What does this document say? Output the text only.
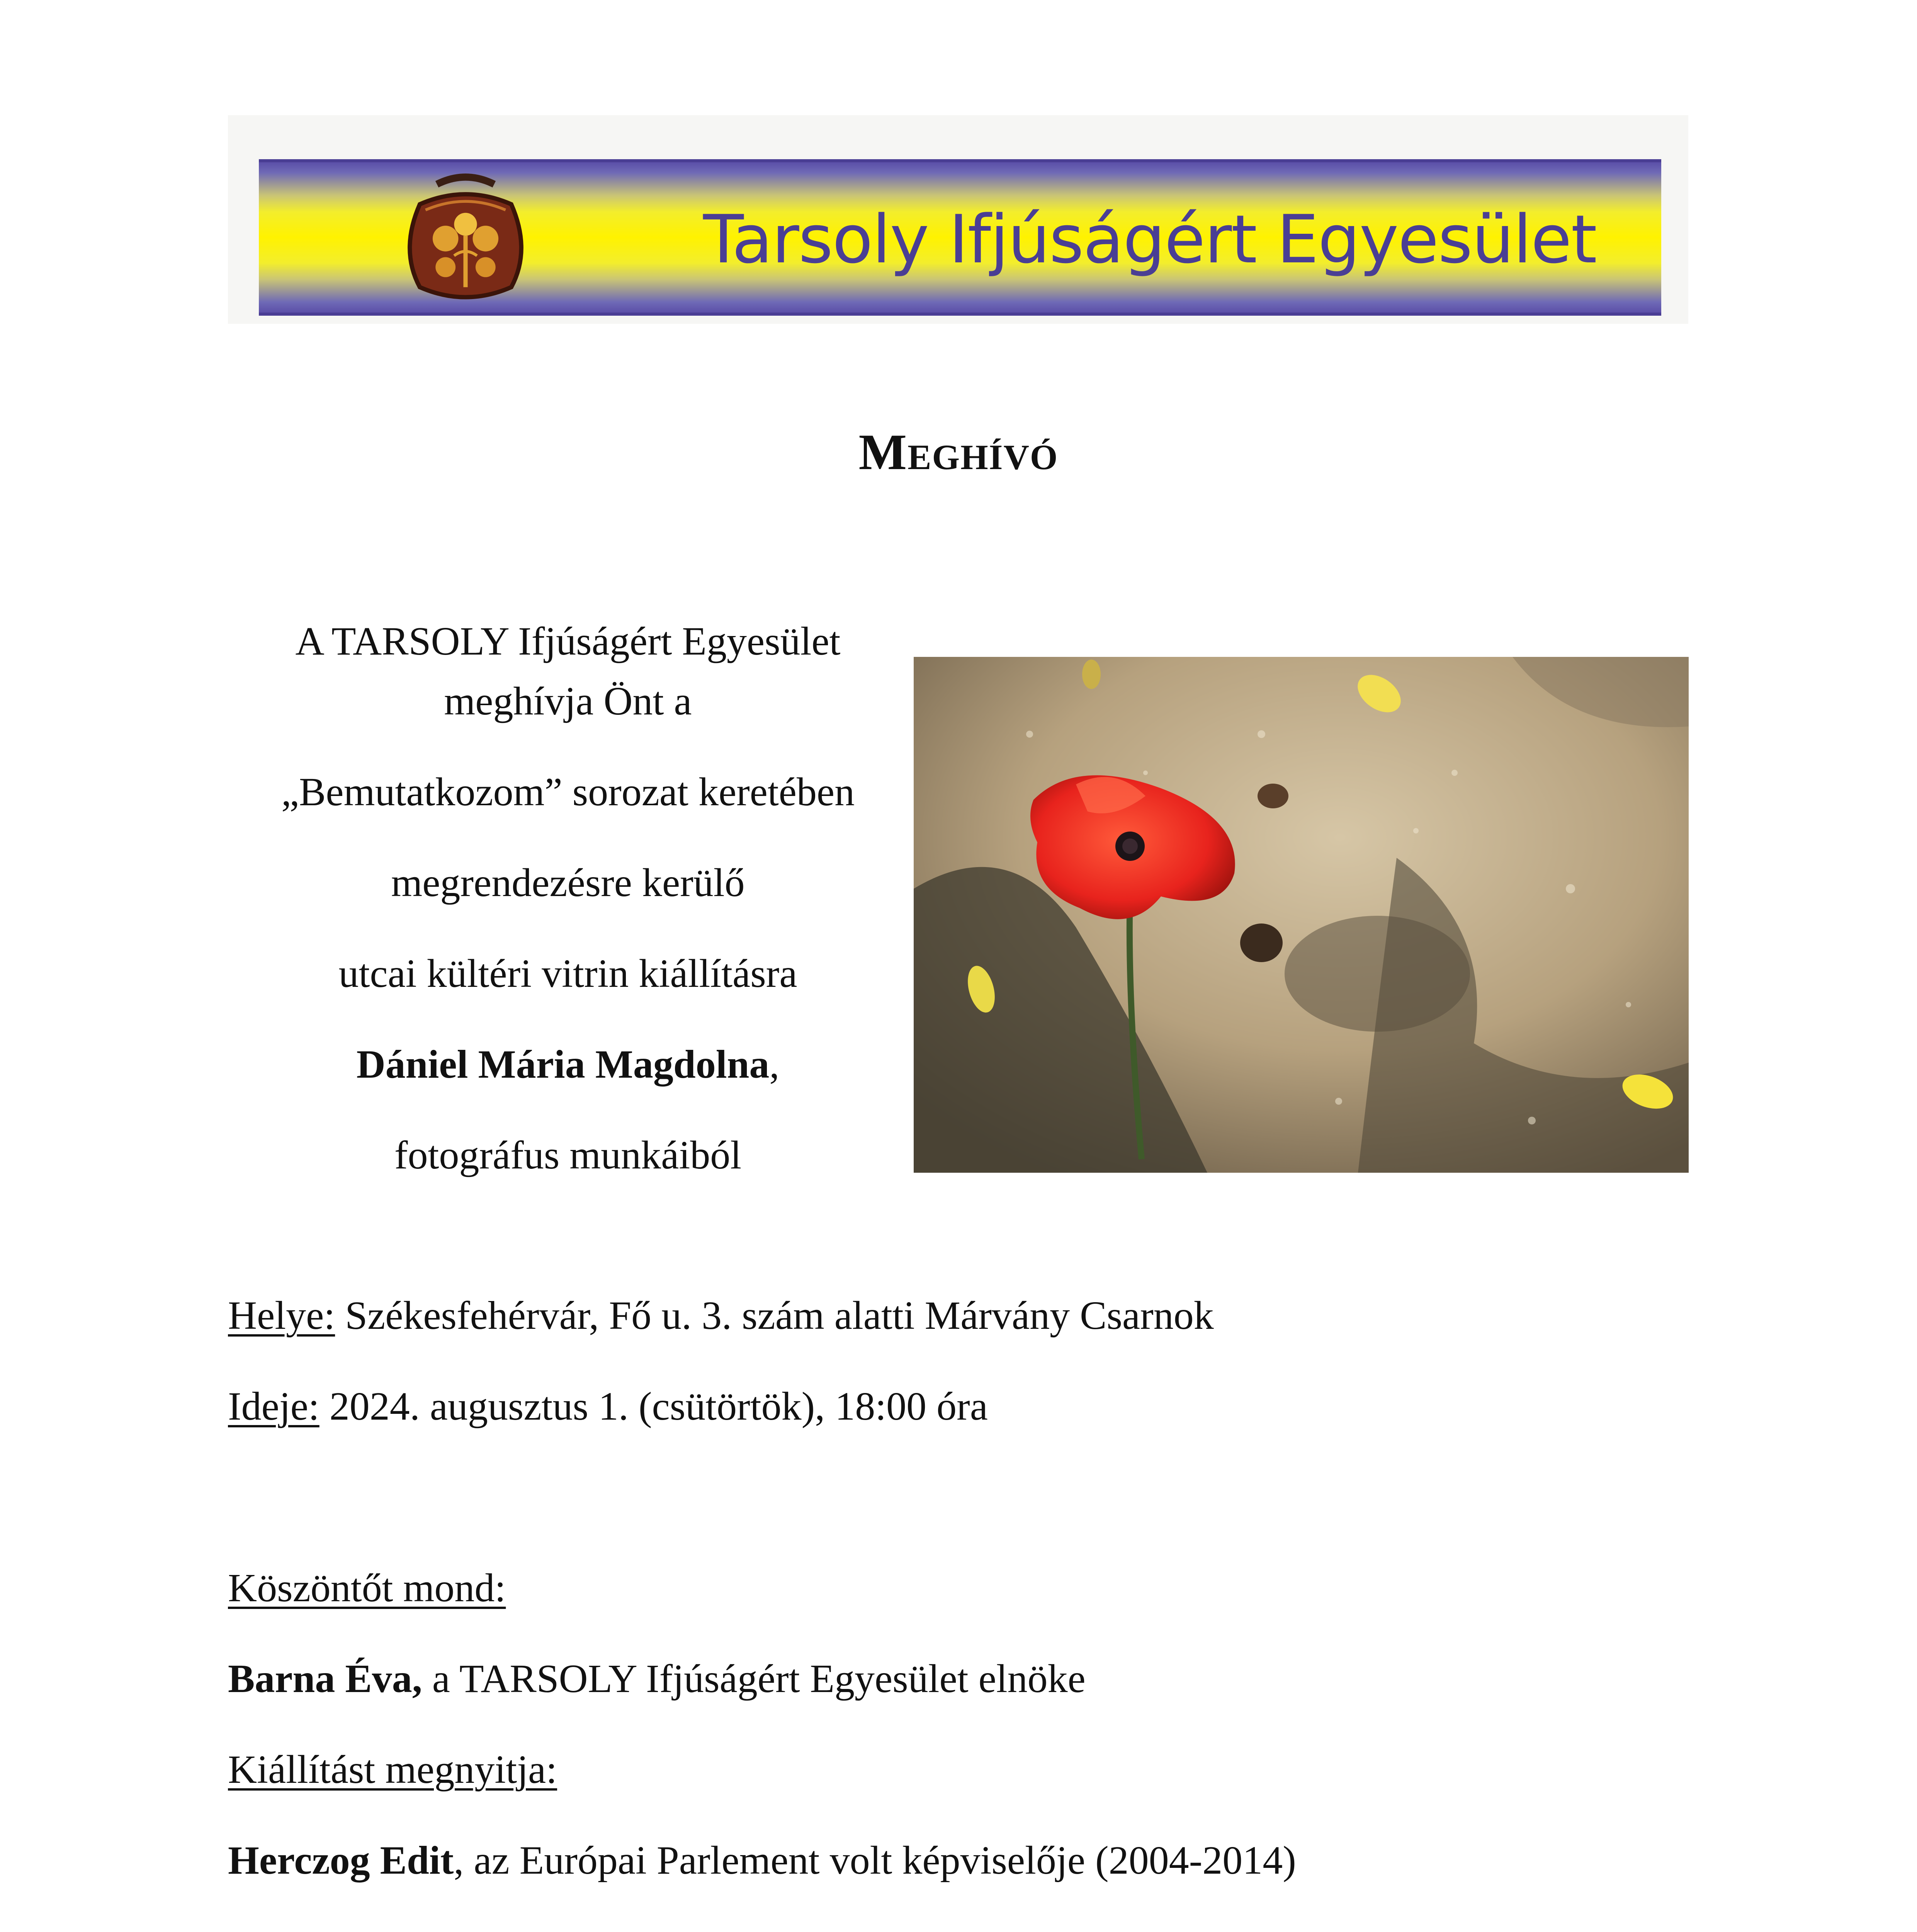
Tarsoly Ifjúságért Egyesület
Meghívó
A TARSOLY Ifjúságért Egyesület
meghívja Önt a
„Bemutatkozom” sorozat keretében
megrendezésre kerülő
utcai kültéri vitrin kiállításra
Dániel Mária Magdolna,
fotográfus munkáiból
Helye: Székesfehérvár, Fő u. 3. szám alatti Márvány Csarnok
Ideje: 2024. augusztus 1. (csütörtök), 18:00 óra
Köszöntőt mond:
Barna Éva, a TARSOLY Ifjúságért Egyesület elnöke
Kiállítást megnyitja:
Herczog Edit, az Európai Parlement volt képviselője (2004-2014)
